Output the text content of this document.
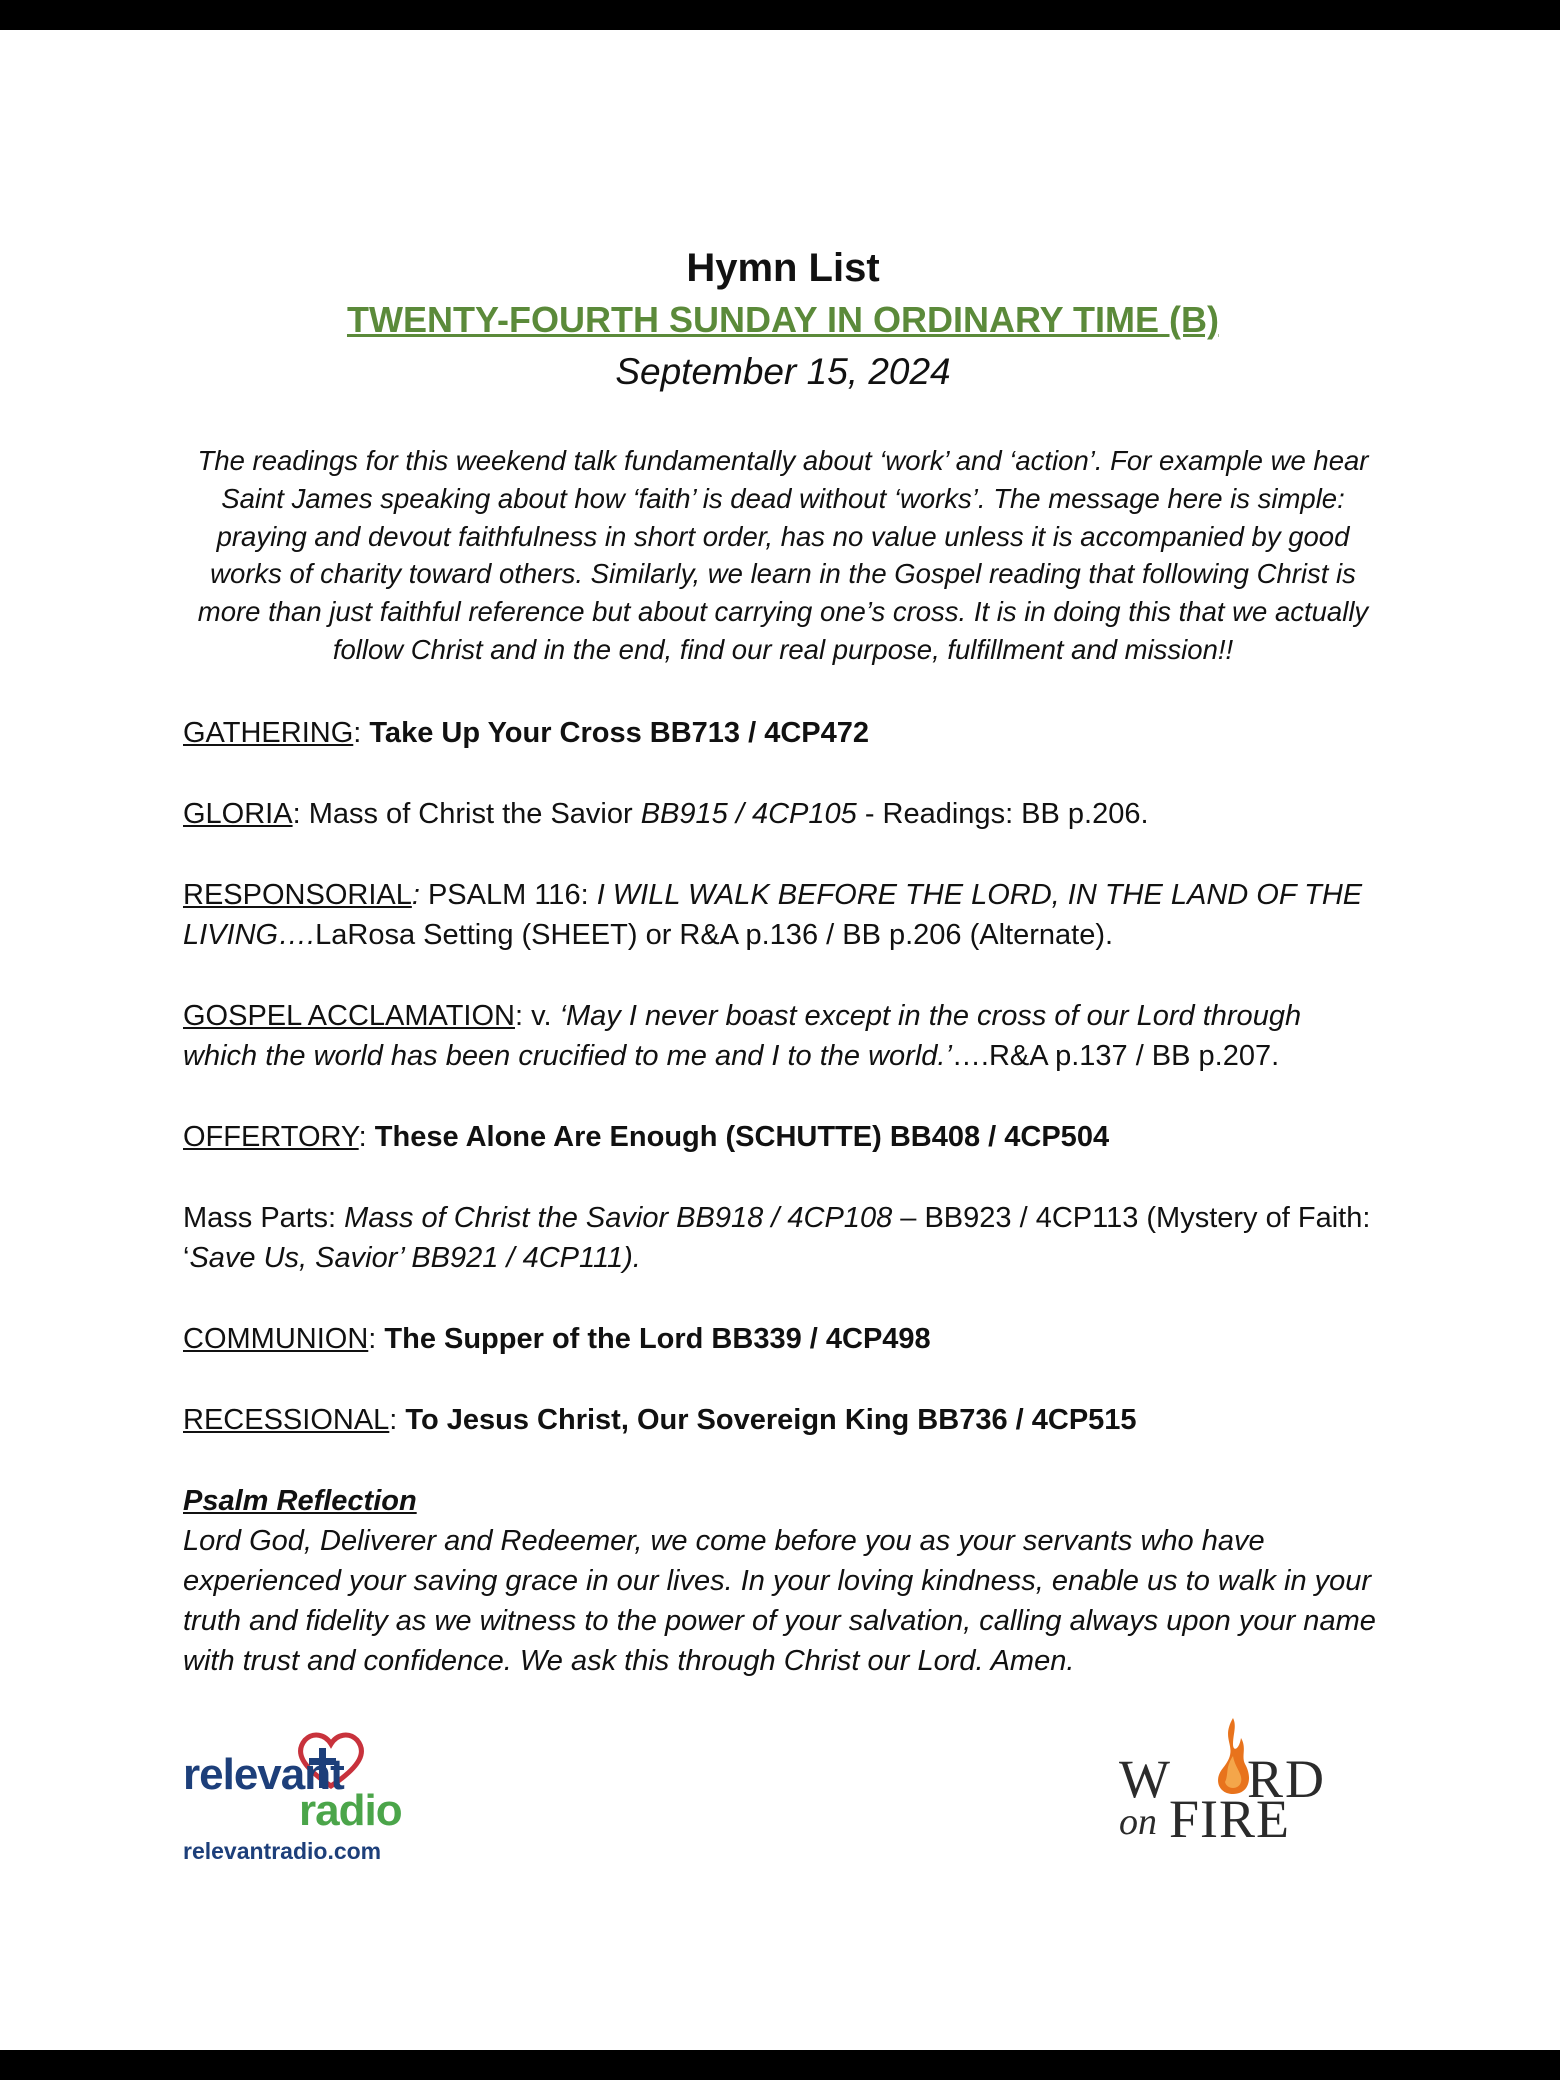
Hymn List

TWENTY-FOURTH SUNDAY IN ORDINARY TIME (B)

September 15, 2024

The readings for this weekend talk fundamentally about ‘work’ and ‘action’. For example we hear Saint James speaking about how ‘faith’ is dead without ‘works’. The message here is simple: praying and devout faithfulness in short order, has no value unless it is accompanied by good works of charity toward others. Similarly, we learn in the Gospel reading that following Christ is more than just faithful reference but about carrying one’s cross. It is in doing this that we actually follow Christ and in the end, find our real purpose, fulfillment and mission!!

GATHERING: Take Up Your Cross BB713 / 4CP472
GLORIA: Mass of Christ the Savior BB915 / 4CP105 - Readings: BB p.206.
RESPONSORIAL: PSALM 116: I WILL WALK BEFORE THE LORD, IN THE LAND OF THE LIVING….LaRosa Setting (SHEET) or R&A p.136 / BB p.206 (Alternate).
GOSPEL ACCLAMATION: v. ‘May I never boast except in the cross of our Lord through which the world has been crucified to me and I to the world.’….R&A p.137 / BB p.207.
OFFERTORY: These Alone Are Enough (SCHUTTE) BB408 / 4CP504
Mass Parts: Mass of Christ the Savior BB918 / 4CP108 – BB923 / 4CP113 (Mystery of Faith: ‘Save Us, Savior’ BB921 / 4CP111).
COMMUNION: The Supper of the Lord BB339 / 4CP498
RECESSIONAL: To Jesus Christ, Our Sovereign King BB736 / 4CP515
Psalm Reflection
Lord God, Deliverer and Redeemer, we come before you as your servants who have experienced your saving grace in our lives. In your loving kindness, enable us to walk in your truth and fidelity as we witness to the power of your salvation, calling always upon your name with trust and confidence. We ask this through Christ our Lord. Amen.
relevant
radio
relevantradio.com
W RD
on FIRE
